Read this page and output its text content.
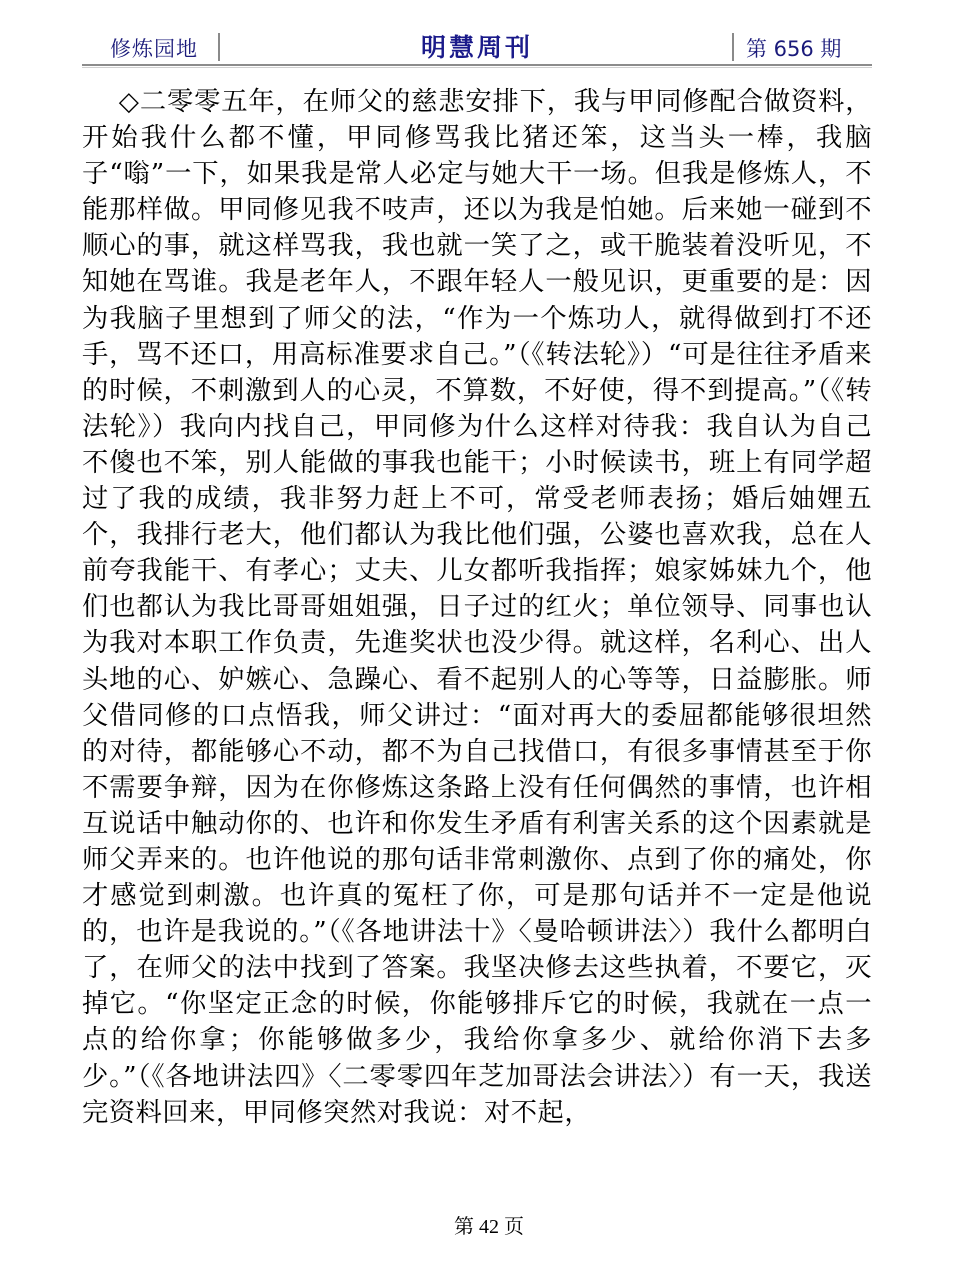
修炼园地	明慧周刊	第 656 期

◇二零零五年，在师父的慈悲安排下，我与甲同修配合做资料，开始我什么都不懂，甲同修骂我比猪还笨，这当头一棒，我脑子“嗡”一下，如果我是常人必定与她大干一场。但我是修炼人，不能那样做。甲同修见我不吱声，还以为我是怕她。后来她一碰到不顺心的事，就这样骂我，我也就一笑了之，或干脆装着没听见，不知她在骂谁。我是老年人，不跟年轻人一般见识，更重要的是：因为我脑子里想到了师父的法，“作为一个炼功人，就得做到打不还手，骂不还口，用高标准要求自己。”（《转法轮》）“可是往往矛盾来的时候，不刺激到人的心灵，不算数，不好使，得不到提高。”（《转法轮》）我向内找自己，甲同修为什么这样对待我：我自认为自己不傻也不笨，别人能做的事我也能干；小时候读书，班上有同学超过了我的成绩，我非努力赶上不可，常受老师表扬；婚后妯娌五个，我排行老大，他们都认为我比他们强，公婆也喜欢我，总在人前夸我能干、有孝心；丈夫、儿女都听我指挥；娘家姊妹九个，他们也都认为我比哥哥姐姐强，日子过的红火；单位领导、同事也认为我对本职工作负责，先進奖状也没少得。就这样，名利心、出人头地的心、妒嫉心、急躁心、看不起别人的心等等，日益膨胀。师父借同修的口点悟我，师父讲过：“面对再大的委屈都能够很坦然的对待，都能够心不动，都不为自己找借口，有很多事情甚至于你不需要争辩，因为在你修炼这条路上没有任何偶然的事情，也许相互说话中触动你的、也许和你发生矛盾有利害关系的这个因素就是师父弄来的。也许他说的那句话非常刺激你、点到了你的痛处，你才感觉到刺激。也许真的冤枉了你，可是那句话并不一定是他说的，也许是我说的。”（《各地讲法十》〈曼哈顿讲法〉）我什么都明白了，在师父的法中找到了答案。我坚决修去这些执着，不要它，灭掉它。“你坚定正念的时候，你能够排斥它的时候，我就在一点一点的给你拿；你能够做多少，我给你拿多少、就给你消下去多少。”（《各地讲法四》〈二零零四年芝加哥法会讲法〉）有一天，我送完资料回来，甲同修突然对我说：对不起，

第 42 页
